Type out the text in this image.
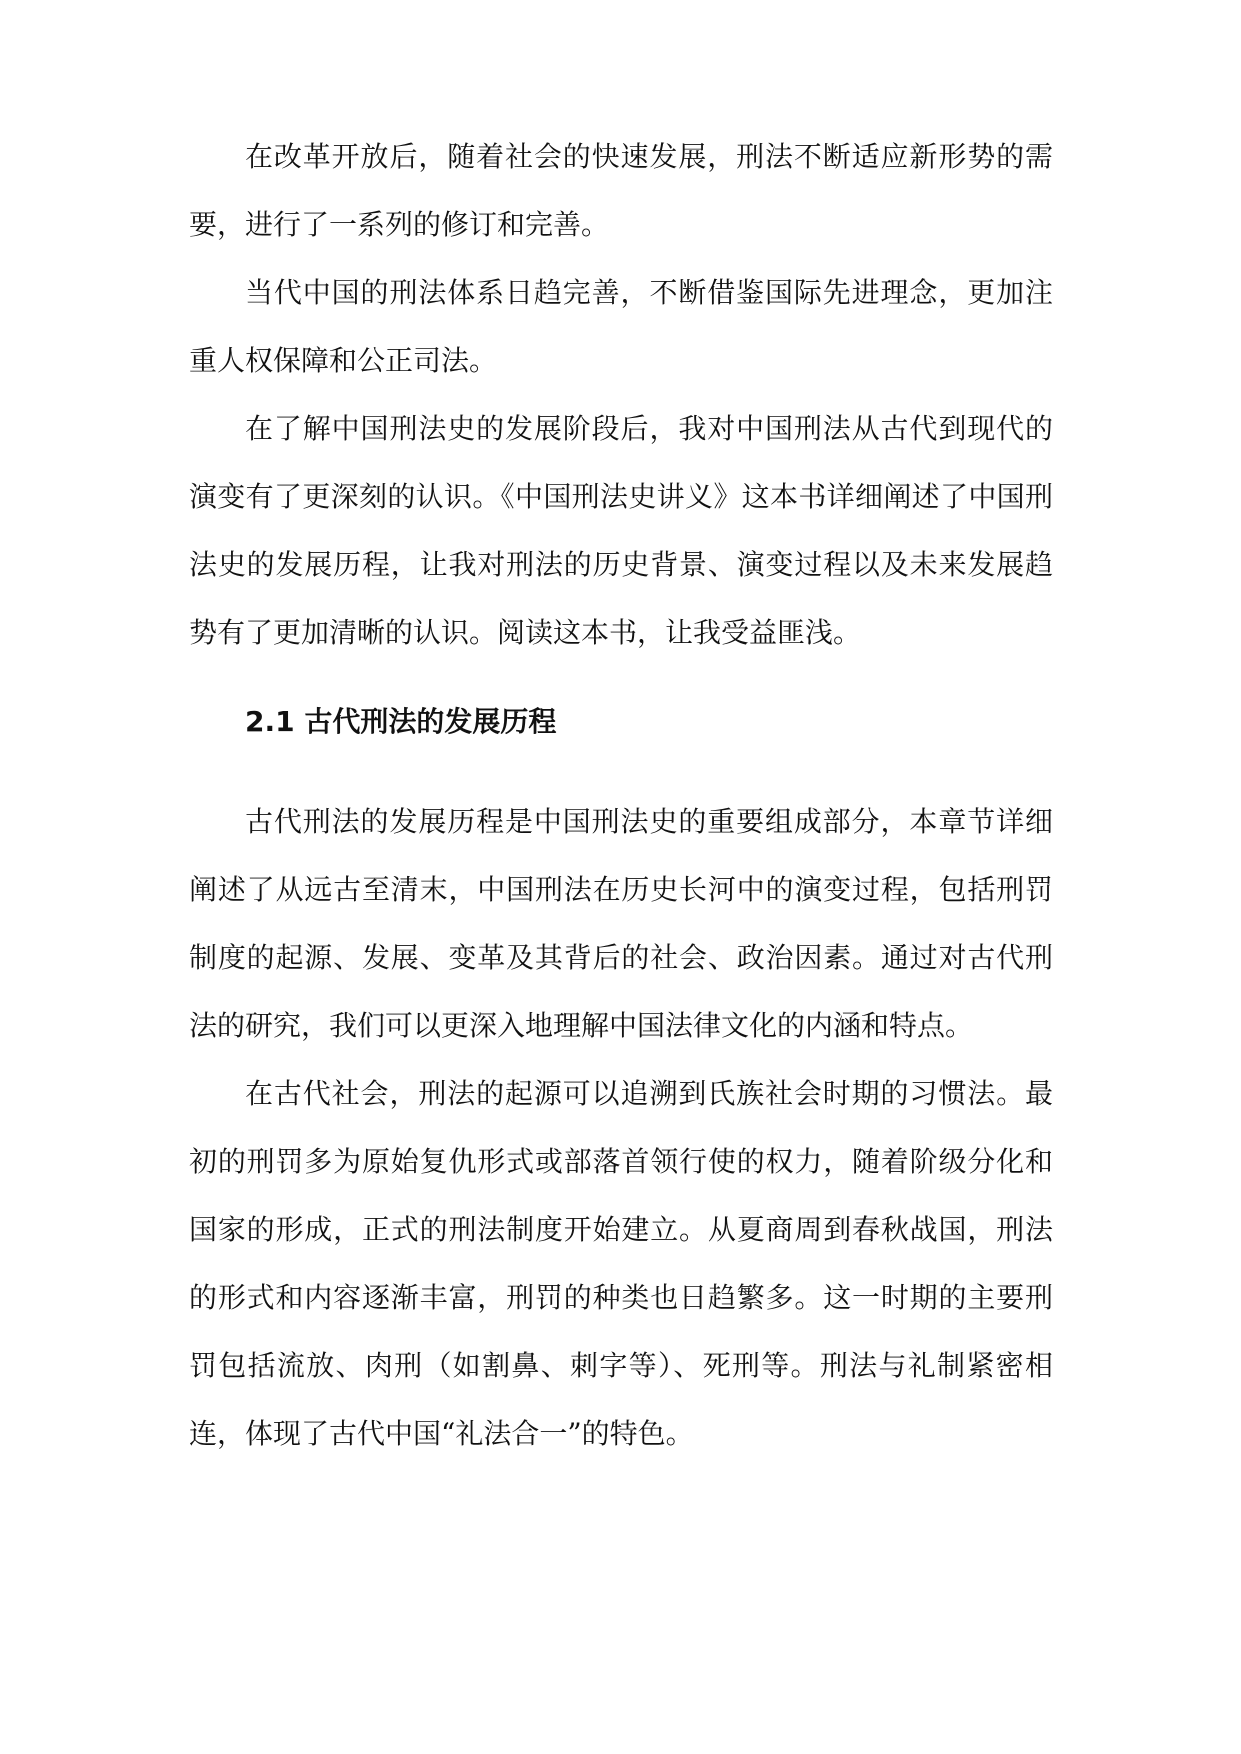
在改革开放后，随着社会的快速发展，刑法不断适应新形势的需要，进行了一系列的修订和完善。

当代中国的刑法体系日趋完善，不断借鉴国际先进理念，更加注重人权保障和公正司法。

在了解中国刑法史的发展阶段后，我对中国刑法从古代到现代的演变有了更深刻的认识。《中国刑法史讲义》这本书详细阐述了中国刑法史的发展历程，让我对刑法的历史背景、演变过程以及未来发展趋势有了更加清晰的认识。阅读这本书，让我受益匪浅。

2.1 古代刑法的发展历程

古代刑法的发展历程是中国刑法史的重要组成部分，本章节详细阐述了从远古至清末，中国刑法在历史长河中的演变过程，包括刑罚制度的起源、发展、变革及其背后的社会、政治因素。通过对古代刑法的研究，我们可以更深入地理解中国法律文化的内涵和特点。

在古代社会，刑法的起源可以追溯到氏族社会时期的习惯法。最初的刑罚多为原始复仇形式或部落首领行使的权力，随着阶级分化和国家的形成，正式的刑法制度开始建立。从夏商周到春秋战国，刑法的形式和内容逐渐丰富，刑罚的种类也日趋繁多。这一时期的主要刑罚包括流放、肉刑（如割鼻、刺字等）、死刑等。刑法与礼制紧密相连，体现了古代中国“礼法合一”的特色。
